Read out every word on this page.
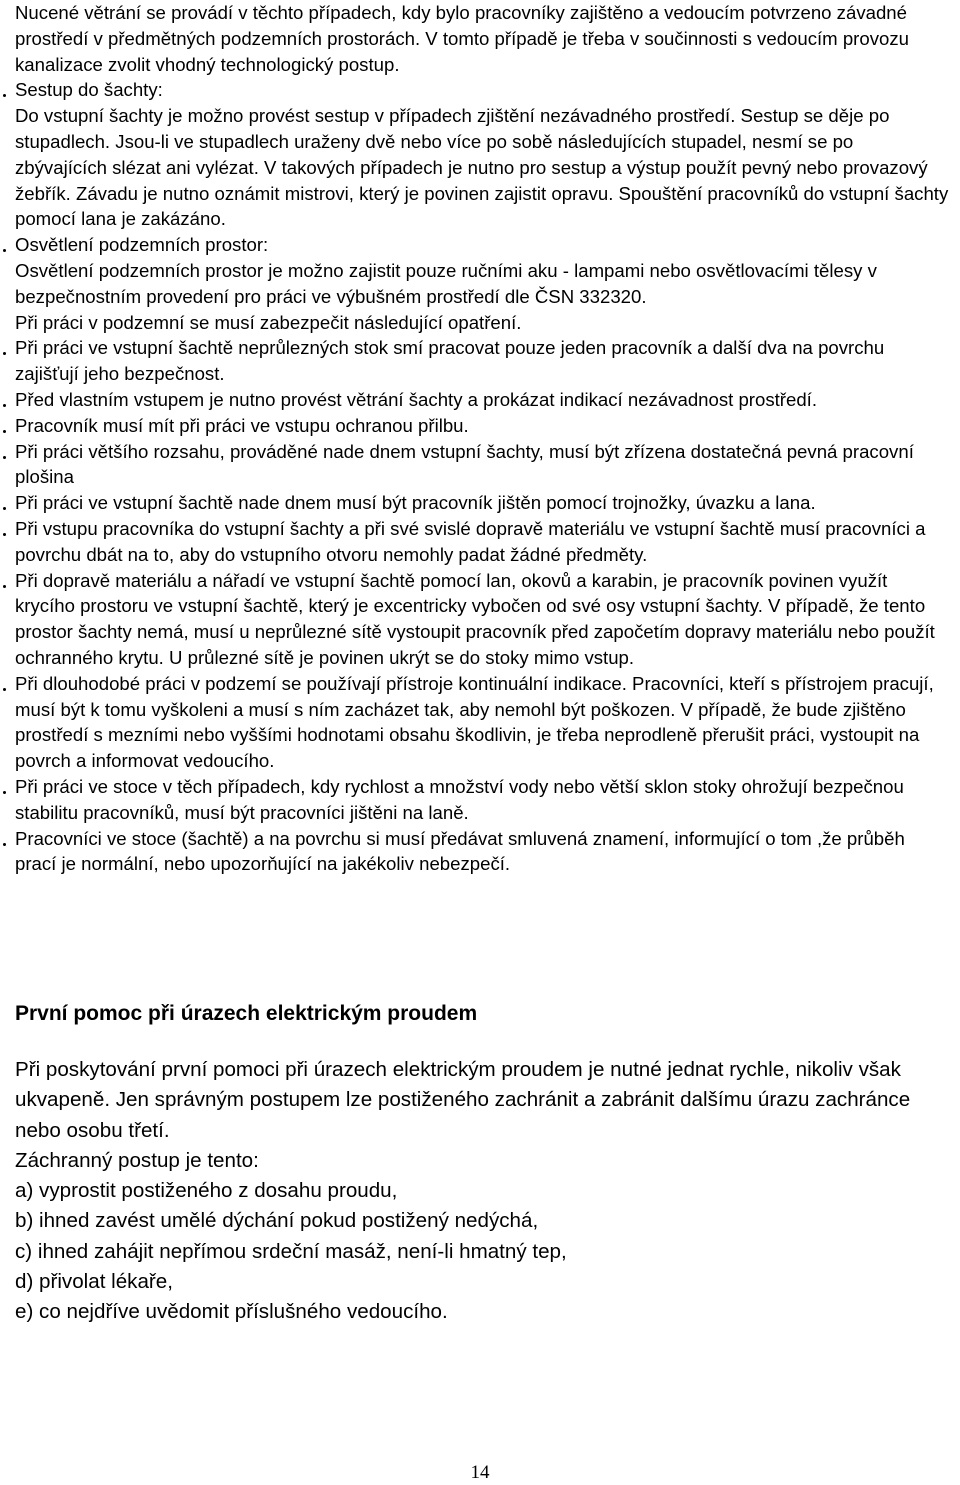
Nucené větrání se provádí v těchto případech, kdy bylo pracovníky zajištěno a vedoucím potvrzeno závadné prostředí v předmětných podzemních prostorách. V tomto případě je třeba v součinnosti s vedoucím provozu kanalizace zvolit vhodný technologický postup.

Sestup do šachty:

Do vstupní šachty je možno provést sestup v případech zjištění nezávadného prostředí. Sestup se děje po stupadlech. Jsou-li ve stupadlech uraženy dvě nebo více po sobě následujících stupadel, nesmí se po zbývajících slézat ani vylézat. V takových případech je nutno pro sestup a výstup použít pevný nebo provazový žebřík. Závadu je nutno oznámit mistrovi, který je povinen zajistit opravu. Spouštění pracovníků do vstupní šachty pomocí lana je zakázáno.

Osvětlení podzemních prostor:

Osvětlení podzemních prostor je možno zajistit pouze ručními aku - lampami nebo osvětlovacími tělesy v bezpečnostním provedení pro práci ve výbušném prostředí dle ČSN 332320.

Při práci v podzemní se musí zabezpečit následující opatření.

Při práci ve vstupní šachtě neprůlezných stok smí pracovat pouze jeden pracovník a další dva na povrchu zajišťují jeho bezpečnost.

Před vlastním vstupem je nutno provést větrání šachty a prokázat indikací nezávadnost prostředí.

Pracovník musí mít při práci ve vstupu ochranou přilbu.

Při práci většího rozsahu, prováděné nade dnem vstupní šachty, musí být zřízena dostatečná pevná pracovní plošina

Při práci ve vstupní šachtě nade dnem musí být pracovník jištěn pomocí trojnožky, úvazku a lana.

Při vstupu pracovníka do vstupní šachty a při své svislé dopravě materiálu ve vstupní šachtě musí pracovníci a povrchu dbát na to, aby do vstupního otvoru nemohly padat žádné předměty.

Při dopravě materiálu a nářadí ve vstupní šachtě pomocí lan, okovů a karabin, je pracovník povinen využít krycího prostoru ve vstupní šachtě, který je excentricky vybočen od své osy vstupní šachty. V případě, že tento prostor šachty nemá, musí u neprůlezné sítě vystoupit pracovník před započetím dopravy materiálu nebo použít ochranného krytu. U průlezné sítě je povinen ukrýt se do stoky mimo vstup.

Při dlouhodobé práci v podzemí se používají přístroje kontinuální indikace. Pracovníci, kteří s přístrojem pracují, musí být k tomu vyškoleni a musí s ním zacházet tak, aby nemohl být poškozen. V případě, že bude zjištěno prostředí s mezními nebo vyššími hodnotami obsahu škodlivin, je třeba neprodleně přerušit práci, vystoupit na povrch a informovat vedoucího.

Při práci ve stoce v těch případech, kdy rychlost a množství vody nebo větší sklon stoky ohrožují bezpečnou stabilitu pracovníků, musí být pracovníci jištěni na laně.

Pracovníci ve stoce (šachtě) a na povrchu si musí předávat smluvená znamení, informující o tom ,že průběh prací je normální, nebo upozorňující na jakékoliv nebezpečí.

První pomoc při úrazech elektrickým proudem

Při poskytování první pomoci při úrazech elektrickým proudem je nutné jednat rychle, nikoliv však ukvapeně. Jen správným postupem lze postiženého zachránit a zabránit dalšímu úrazu zachránce nebo osobu třetí.

Záchranný postup je tento:

a) vyprostit postiženého z dosahu proudu,

b) ihned zavést umělé dýchání pokud postižený nedýchá,

c) ihned zahájit nepřímou srdeční masáž, není-li hmatný tep,

d) přivolat lékaře,

e) co nejdříve uvědomit příslušného vedoucího.

14
